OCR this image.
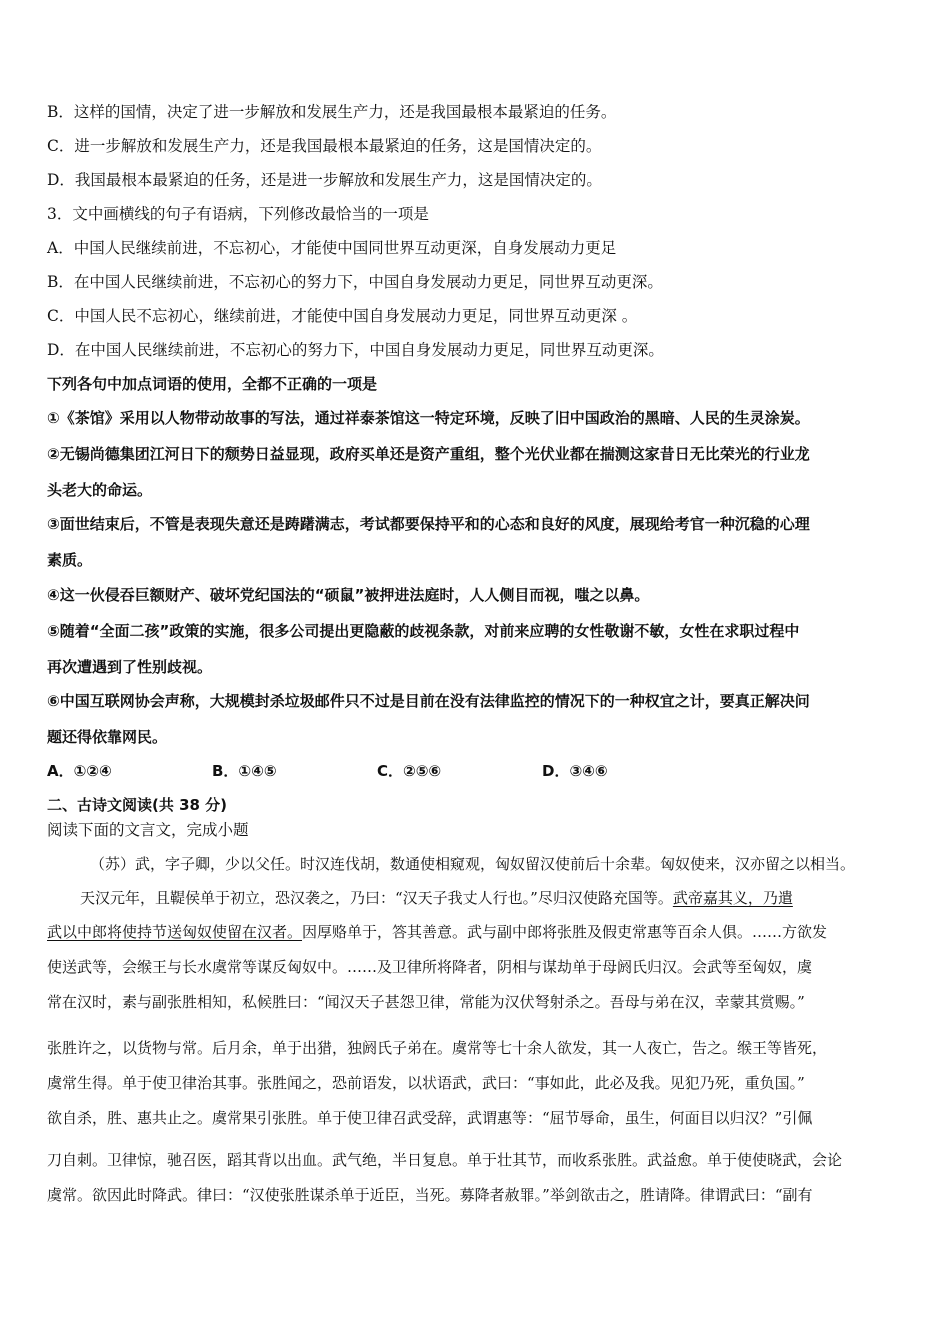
B．这样的国情，决定了进一步解放和发展生产力，还是我国最根本最紧迫的任务。
C．进一步解放和发展生产力，还是我国最根本最紧迫的任务，这是国情决定的。
D．我国最根本最紧迫的任务，还是进一步解放和发展生产力，这是国情决定的。
3．文中画横线的句子有语病，下列修改最恰当的一项是
A．中国人民继续前进，不忘初心，才能使中国同世界互动更深，自身发展动力更足
B．在中国人民继续前进，不忘初心的努力下，中国自身发展动力更足，同世界互动更深。
C．中国人民不忘初心，继续前进，才能使中国自身发展动力更足，同世界互动更深 。
D．在中国人民继续前进，不忘初心的努力下，中国自身发展动力更足，同世界互动更深。
下列各句中加点词语的使用，全都不正确的一项是
①《茶馆》采用以人物带动故事的写法，通过祥泰茶馆这一特定环境，反映了旧中国政治的黑暗、人民的生灵涂炭。
②无锡尚德集团江河日下的颓势日益显现，政府买单还是资产重组，整个光伏业都在揣测这家昔日无比荣光的行业龙
头老大的命运。
③面世结束后，不管是表现失意还是踌躇满志，考试都要保持平和的心态和良好的风度，展现给考官一种沉稳的心理
素质。
④这一伙侵吞巨额财产、破坏党纪国法的“硕鼠”被押进法庭时，人人侧目而视，嗤之以鼻。
⑤随着“全面二孩”政策的实施，很多公司提出更隐蔽的歧视条款，对前来应聘的女性敬谢不敏，女性在求职过程中
再次遭遇到了性别歧视。
⑥中国互联网协会声称，大规模封杀垃圾邮件只不过是目前在没有法律监控的情况下的一种权宜之计，要真正解决问
题还得依靠网民。
A．①②④	B．①④⑤	C．②⑤⑥	D．③④⑥
二、古诗文阅读(共 38 分)
阅读下面的文言文，完成小题
（苏）武，字子卿，少以父任。时汉连伐胡，数通使相窥观，匈奴留汉使前后十余辈。匈奴使来，汉亦留之以相当。
天汉元年，且鞮侯单于初立，恐汉袭之，乃曰：“汉天子我丈人行也。”尽归汉使路充国等。武帝嘉其义，乃遣
武以中郎将使持节送匈奴使留在汉者。因厚赂单于，答其善意。武与副中郎将张胜及假吏常惠等百余人俱。……方欲发
使送武等，会缑王与长水虞常等谋反匈奴中。……及卫律所将降者，阴相与谋劫单于母阏氏归汉。会武等至匈奴，虞
常在汉时，素与副张胜相知，私候胜曰：“闻汉天子甚怨卫律，常能为汉伏弩射杀之。吾母与弟在汉，幸蒙其赏赐。”
张胜许之，以货物与常。后月余，单于出猎，独阏氏子弟在。虞常等七十余人欲发，其一人夜亡，告之。缑王等皆死，
虞常生得。单于使卫律治其事。张胜闻之，恐前语发，以状语武，武曰：“事如此，此必及我。见犯乃死，重负国。”
欲自杀，胜、惠共止之。虞常果引张胜。单于使卫律召武受辞，武谓惠等：“屈节辱命，虽生，何面目以归汉？”引佩
刀自刺。卫律惊，驰召医，蹈其背以出血。武气绝，半日复息。单于壮其节，而收系张胜。武益愈。单于使使晓武，会论
虞常。欲因此时降武。律曰：“汉使张胜谋杀单于近臣，当死。募降者赦罪。”举剑欲击之，胜请降。律谓武曰：“副有
